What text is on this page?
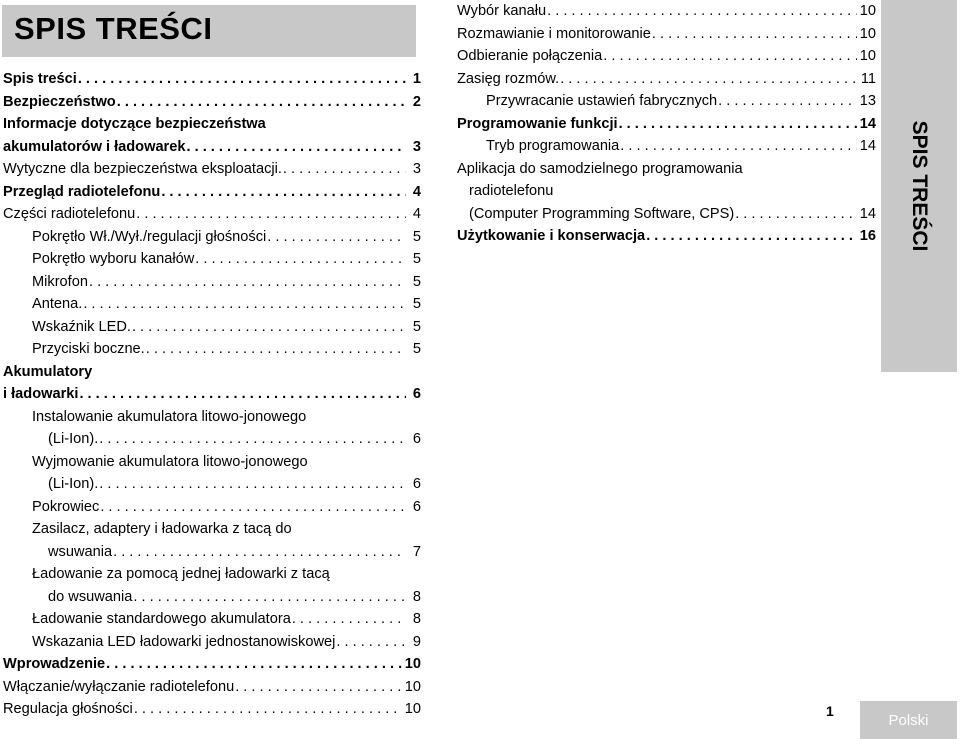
SPIS TREŚCI
Spis treści . . .	1
Bezpieczeństwo . . .	2
Informacje dotyczące bezpieczeństwa
akumulatorów i ładowarek . . .	3
Wytyczne dla bezpieczeństwa eksploatacji. . . .	3
Przegląd radiotelefonu . . .	4
Części radiotelefonu . . .	4
Pokrętło Wł./Wył./regulacji głośności . . .	5
Pokrętło wyboru kanałów . . .	5
Mikrofon . . .	5
Antena. . . .	5
Wskaźnik LED. . . .	5
Przyciski boczne. . . .	5
Akumulatory
i ładowarki . . .	6
Instalowanie akumulatora litowo-jonowego
(Li-Ion). . . .	6
Wyjmowanie akumulatora litowo-jonowego
(Li-Ion). . . .	6
Pokrowiec . . .	6
Zasilacz, adaptery i ładowarka z tacą do
wsuwania . . .	7
Ładowanie za pomocą jednej ładowarki z tacą
do wsuwania . . .	8
Ładowanie standardowego akumulatora . . .	8
Wskazania LED ładowarki jednostanowiskowej . . .	9
Wprowadzenie . . .	10
Włączanie/wyłączanie radiotelefonu . . .	10
Regulacja głośności . . .	10
Wybór kanału . . .	10
Rozmawianie i monitorowanie . . .	10
Odbieranie połączenia . . .	10
Zasięg rozmów. . . .	11
Przywracanie ustawień fabrycznych . . .	13
Programowanie funkcji . . .	14
Tryb programowania . . .	14
Aplikacja do samodzielnego programowania
radiotelefonu
(Computer Programming Software, CPS) . . .	14
Użytkowanie i konserwacja . . .	16 SPIS TREŚCI
1
Polski
